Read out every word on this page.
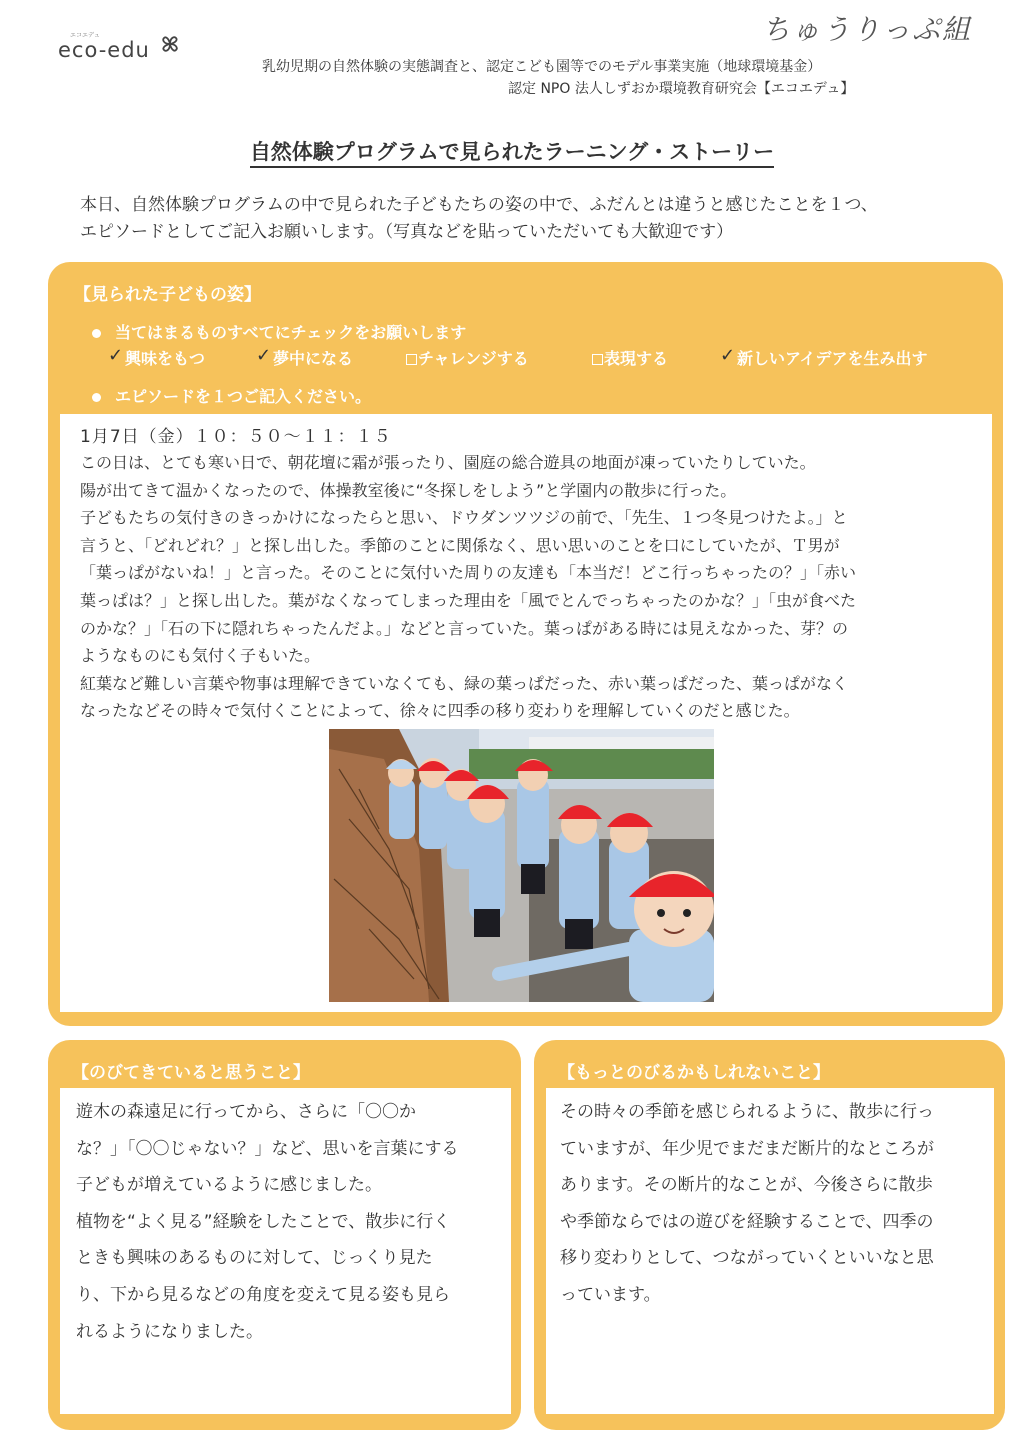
エコエデュ
eco-edu
ちゅうりっぷ組
乳幼児期の自然体験の実態調査と、認定こども園等でのモデル事業実施（地球環境基金）
認定 NPO 法人しずおか環境教育研究会【エコエデュ】
自然体験プログラムで見られたラーニング・ストーリー
本日、自然体験プログラムの中で見られた子どもたちの姿の中で、ふだんとは違うと感じたことを１つ、
エピソードとしてご記入お願いします。（写真などを貼っていただいても大歓迎です）
【見られた子どもの姿】
当てはまるものすべてにチェックをお願いします
✓ 興味をもつ	✓ 夢中になる	チャレンジする	表現する	✓ 新しいアイデアを生み出す
エピソードを１つご記入ください。
1月7日（金）１０：５０～１１：１５
この日は、とても寒い日で、朝花壇に霜が張ったり、園庭の総合遊具の地面が凍っていたりしていた。
陽が出てきて温かくなったので、体操教室後に“冬探しをしよう”と学園内の散歩に行った。
子どもたちの気付きのきっかけになったらと思い、ドウダンツツジの前で、「先生、１つ冬見つけたよ。」と
言うと、「どれどれ？」と探し出した。季節のことに関係なく、思い思いのことを口にしていたが、Ｔ男が
「葉っぱがないね！」と言った。そのことに気付いた周りの友達も「本当だ！どこ行っちゃったの？」「赤い
葉っぱは？」と探し出した。葉がなくなってしまった理由を「風でとんでっちゃったのかな？」「虫が食べた
のかな？」「石の下に隠れちゃったんだよ。」などと言っていた。葉っぱがある時には見えなかった、芽？の
ようなものにも気付く子もいた。
紅葉など難しい言葉や物事は理解できていなくても、緑の葉っぱだった、赤い葉っぱだった、葉っぱがなく
なったなどその時々で気付くことによって、徐々に四季の移り変わりを理解していくのだと感じた。
【のびてきていると思うこと】
遊木の森遠足に行ってから、さらに「〇〇か
な？」「〇〇じゃない？」など、思いを言葉にする
子どもが増えているように感じました。
植物を“よく見る”経験をしたことで、散歩に行く
ときも興味のあるものに対して、じっくり見た
り、下から見るなどの角度を変えて見る姿も見ら
れるようになりました。
【もっとのびるかもしれないこと】
その時々の季節を感じられるように、散歩に行っ
ていますが、年少児でまだまだ断片的なところが
あります。その断片的なことが、今後さらに散歩
や季節ならではの遊びを経験することで、四季の
移り変わりとして、つながっていくといいなと思
っています。
